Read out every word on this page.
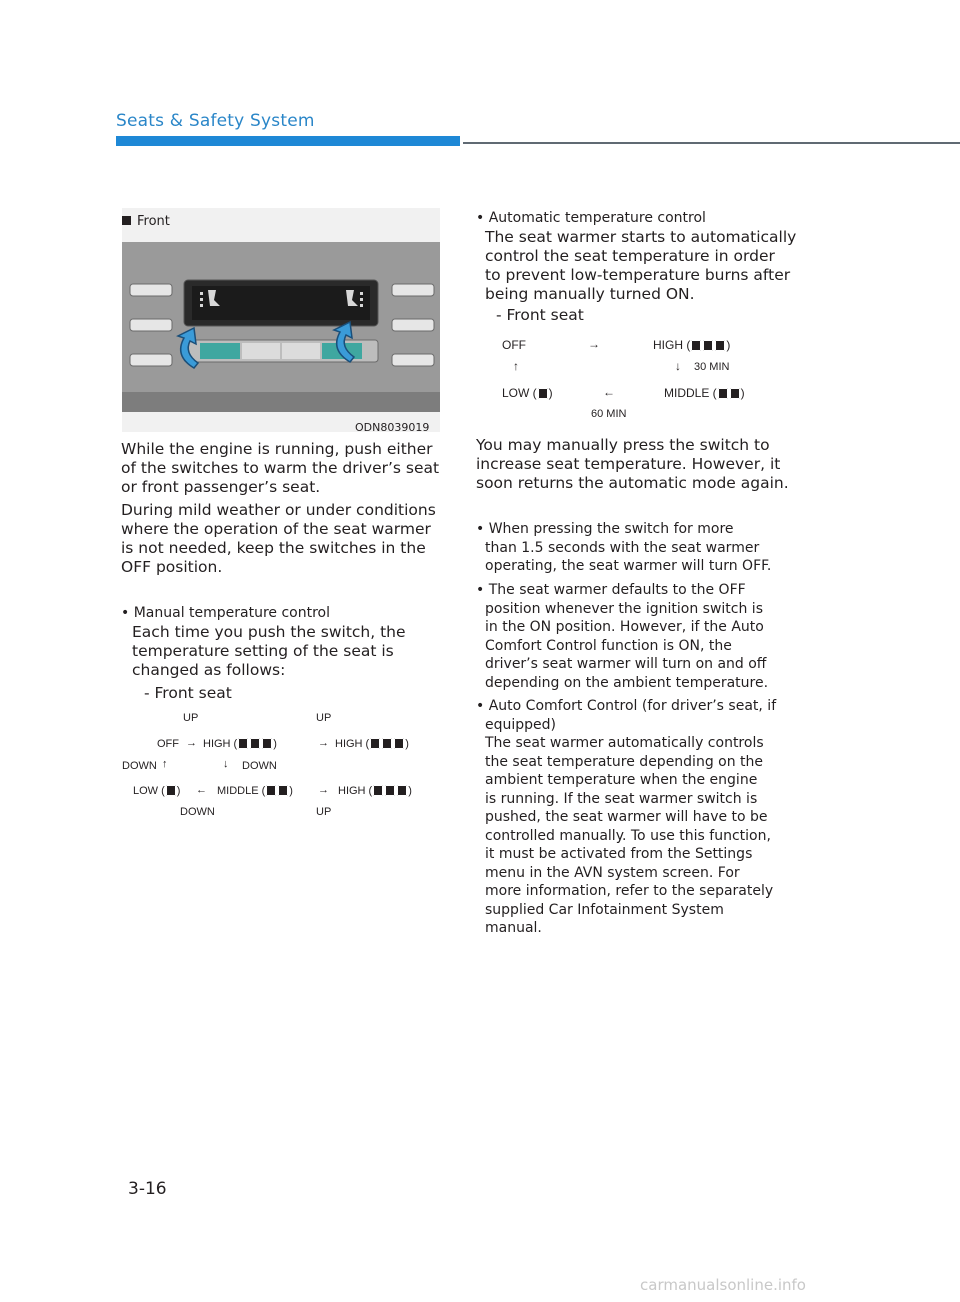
Seats & Safety System
Front
ODN8039019
While the engine is running, push either
of the switches to warm the driver’s seat
or front passenger’s seat.
During mild weather or under conditions
where the operation of the seat warmer
is not needed, keep the switches in the
OFF position.
• Manual temperature control
Each time you push the switch, the
temperature setting of the seat is
changed as follows:
- Front seat
UP	UP
OFF → HIGH (	)	→ HIGH (	)
DOWN ↑	↓ DOWN
LOW ( ) ← MIDDLE ( ) → HIGH (	)
DOWN	UP
• Automatic temperature control
The seat warmer starts to automatically
control the seat temperature in order
to prevent low-temperature burns after
being manually turned ON.
- Front seat
OFF	→	HIGH (	)
↑	↓ 30 MIN
LOW ( )	←	MIDDLE ( )
60 MIN
You may manually press the switch to
increase seat temperature. However, it
soon returns the automatic mode again.
• When pressing the switch for more
than 1.5 seconds with the seat warmer
operating, the seat warmer will turn OFF.
• The seat warmer defaults to the OFF
position whenever the ignition switch is
in the ON position. However, if the Auto
Comfort Control function is ON, the
driver’s seat warmer will turn on and off
depending on the ambient temperature.
• Auto Comfort Control (for driver’s seat, if
equipped)
The seat warmer automatically controls
the seat temperature depending on the
ambient temperature when the engine
is running. If the seat warmer switch is
pushed, the seat warmer will have to be
controlled manually. To use this function,
it must be activated from the Settings
menu in the AVN system screen. For
more information, refer to the separately
supplied Car Infotainment System
manual.
3-16
carmanualsonline.info
